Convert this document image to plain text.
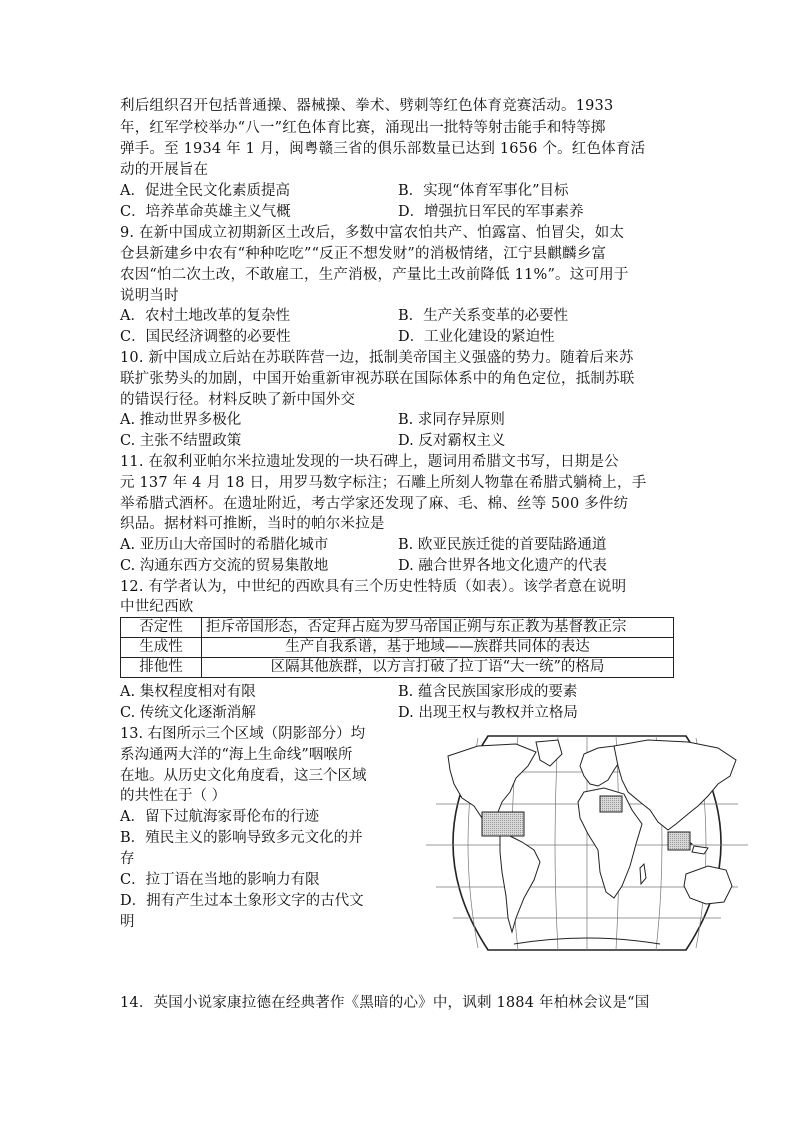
利后组织召开包括普通操、器械操、拳术、劈刺等红色体育竞赛活动。1933
年，红军学校举办“八一”红色体育比赛，涌现出一批特等射击能手和特等掷
弹手。至 1934 年 1 月，闽粤赣三省的俱乐部数量已达到 1656 个。红色体育活
动的开展旨在
A．促进全民文化素质提高	B．实现“体育军事化”目标
C．培养革命英雄主义气概	D．增强抗日军民的军事素养
9. 在新中国成立初期新区土改后，多数中富农怕共产、怕露富、怕冒尖，如太
仓县新建乡中农有“种种吃吃”“反正不想发财”的消极情绪，江宁县麒麟乡富
农因“怕二次土改，不敢雇工，生产消极，产量比土改前降低 11%”。这可用于
说明当时
A．农村土地改革的复杂性	B．生产关系变革的必要性
C．国民经济调整的必要性	D．工业化建设的紧迫性
10. 新中国成立后站在苏联阵营一边，抵制美帝国主义强盛的势力。随着后来苏
联扩张势头的加剧，中国开始重新审视苏联在国际体系中的角色定位，抵制苏联
的错误行径。材料反映了新中国外交
A. 推动世界多极化	B. 求同存异原则
C. 主张不结盟政策	D. 反对霸权主义
11. 在叙利亚帕尔米拉遗址发现的一块石碑上，题词用希腊文书写，日期是公
元 137 年 4 月 18 日，用罗马数字标注；石雕上所刻人物靠在希腊式躺椅上，手
举希腊式酒杯。在遗址附近，考古学家还发现了麻、毛、棉、丝等 500 多件纺
织品。据材料可推断，当时的帕尔米拉是
A. 亚历山大帝国时的希腊化城市	B. 欧亚民族迁徙的首要陆路通道
C. 沟通东西方交流的贸易集散地	D. 融合世界各地文化遗产的代表
12. 有学者认为，中世纪的西欧具有三个历史性特质（如表）。该学者意在说明
中世纪西欧
否定性	拒斥帝国形态，否定拜占庭为罗马帝国正朔与东正教为基督教正宗
生成性	生产自我系谱，基于地域——族群共同体的表达
排他性	区隔其他族群，以方言打破了拉丁语“大一统”的格局
A. 集权程度相对有限	B. 蕴含民族国家形成的要素
C. 传统文化逐渐消解	D. 出现王权与教权并立格局
13. 右图所示三个区域（阴影部分）均
系沟通两大洋的“海上生命线”咽喉所
在地。从历史文化角度看，这三个区域
的共性在于（ ）
A．留下过航海家哥伦布的行迹
B．殖民主义的影响导致多元文化的并
存
C．拉丁语在当地的影响力有限
D．拥有产生过本土象形文字的古代文
明
14．英国小说家康拉德在经典著作《黑暗的心》中，讽刺 1884 年柏林会议是“国
